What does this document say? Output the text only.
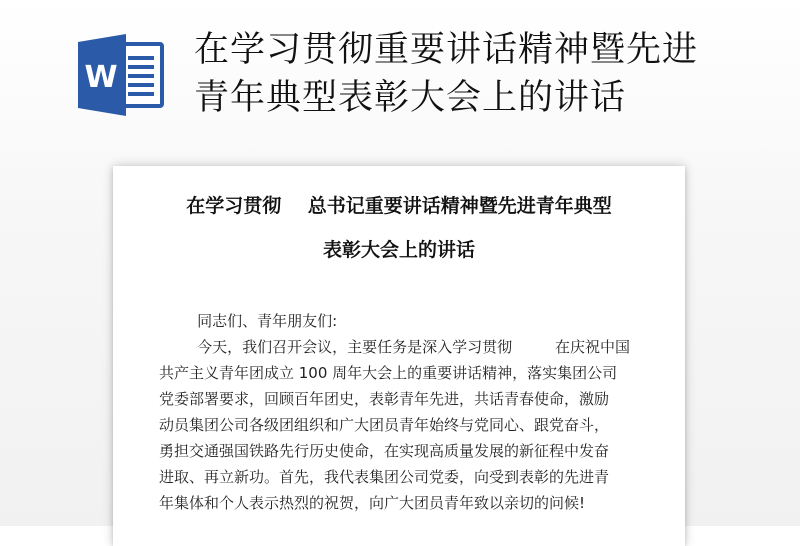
W
在学习贯彻重要讲话精神暨先进
青年典型表彰大会上的讲话
在学习贯彻    总书记重要讲话精神暨先进青年典型
表彰大会上的讲话
同志们、青年朋友们:
今天，我们召开会议，主要任务是深入学习贯彻         在庆祝中国
共产主义青年团成立 100 周年大会上的重要讲话精神，落实集团公司
党委部署要求，回顾百年团史，表彰青年先进，共话青春使命，激励
动员集团公司各级团组织和广大团员青年始终与党同心、跟党奋斗，
勇担交通强国铁路先行历史使命，在实现高质量发展的新征程中发奋
进取、再立新功。首先，我代表集团公司党委，向受到表彰的先进青
年集体和个人表示热烈的祝贺，向广大团员青年致以亲切的问候!
